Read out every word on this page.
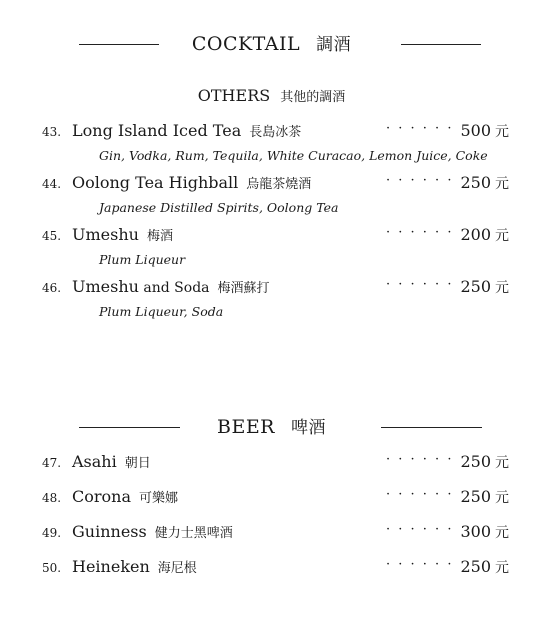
COCKTAIL 調酒
OTHERS 其他的調酒
43. Long Island Iced Tea 長島冰茶	· · · · · · 500 元
Gin, Vodka, Rum, Tequila, White Curacao, Lemon Juice, Coke
44. Oolong Tea Highball 烏龍茶燒酒	· · · · · · 250 元
Japanese Distilled Spirits, Oolong Tea
45. Umeshu 梅酒	· · · · · · 200 元
Plum Liqueur
46. Umeshu and Soda 梅酒蘇打	· · · · · · 250 元
Plum Liqueur, Soda
BEER 啤酒
47. Asahi 朝日	· · · · · · 250 元
48. Corona 可樂娜	· · · · · · 250 元
49. Guinness 健力士黑啤酒	· · · · · · 300 元
50. Heineken 海尼根	· · · · · · 250 元
